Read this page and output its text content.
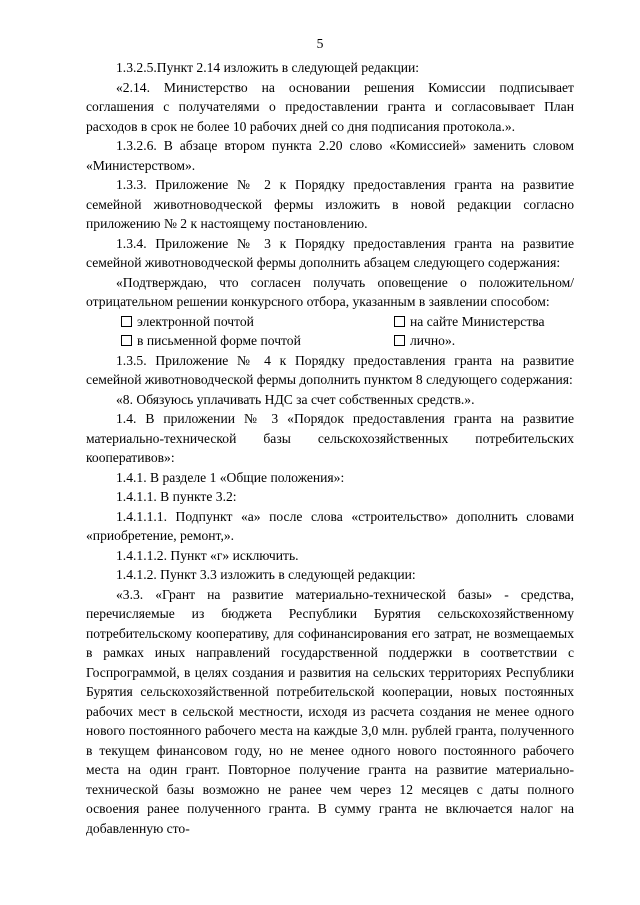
5

1.3.2.5.Пункт 2.14 изложить в следующей редакции:

«2.14. Министерство на основании решения Комиссии подписывает соглашения с получателями о предоставлении гранта и согласовывает План расходов в срок не более 10 рабочих дней со дня подписания протокола.».

1.3.2.6. В абзаце втором пункта 2.20 слово «Комиссией» заменить словом «Министерством».

1.3.3. Приложение № 2 к Порядку предоставления гранта на развитие семейной животноводческой фермы изложить в новой редакции согласно приложению № 2 к настоящему постановлению.

1.3.4. Приложение № 3 к Порядку предоставления гранта на развитие семейной животноводческой фермы дополнить абзацем следующего содержания:

«Подтверждаю, что согласен получать оповещение о положительном/отрицательном решении конкурсного отбора, указанным в заявлении способом:

электронной почтой	на сайте Министерства
в письменной форме почтой	лично».

1.3.5. Приложение № 4 к Порядку предоставления гранта на развитие семейной животноводческой фермы дополнить пунктом 8 следующего содержания:

«8. Обязуюсь уплачивать НДС за счет собственных средств.».

1.4. В приложении № 3 «Порядок предоставления гранта на развитие материально-технической базы сельскохозяйственных потребительских кооперативов»:

1.4.1. В разделе 1 «Общие положения»:

1.4.1.1. В пункте 3.2:

1.4.1.1.1. Подпункт «а» после слова «строительство» дополнить словами «приобретение, ремонт,».

1.4.1.1.2. Пункт «г» исключить.

1.4.1.2. Пункт 3.3 изложить в следующей редакции:

«3.3. «Грант на развитие материально-технической базы» - средства, перечисляемые из бюджета Республики Бурятия сельскохозяйственному потребительскому кооперативу, для софинансирования его затрат, не возмещаемых в рамках иных направлений государственной поддержки в соответствии с Госпрограммой, в целях создания и развития на сельских территориях Республики Бурятия сельскохозяйственной потребительской кооперации, новых постоянных рабочих мест в сельской местности, исходя из расчета создания не менее одного нового постоянного рабочего места на каждые 3,0 млн. рублей гранта, полученного в текущем финансовом году, но не менее одного нового постоянного рабочего места на один грант. Повторное получение гранта на развитие материально-технической базы возможно не ранее чем через 12 месяцев с даты полного освоения ранее полученного гранта. В сумму гранта не включается налог на добавленную сто-
